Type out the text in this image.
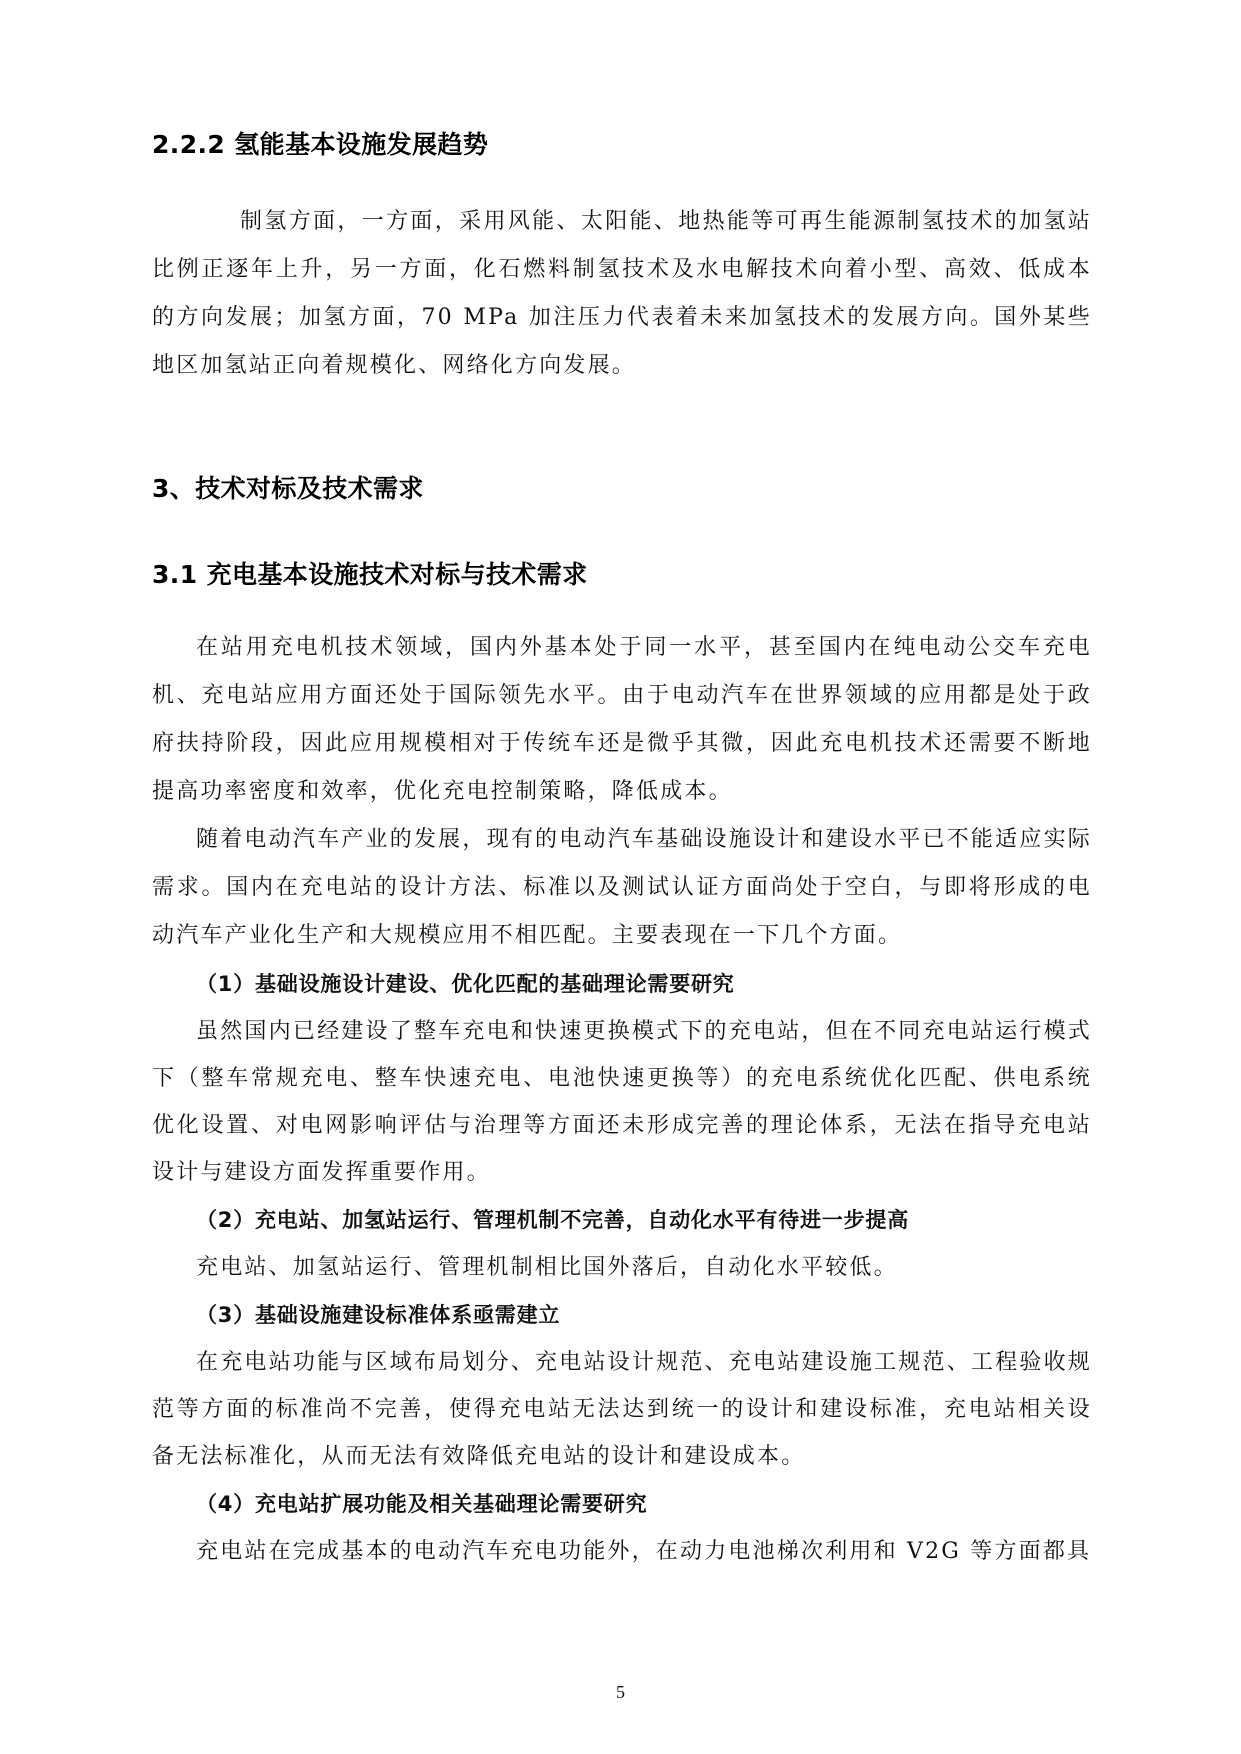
2.2.2 氢能基本设施发展趋势

制氢方面，一方面，采用风能、太阳能、地热能等可再生能源制氢技术的加氢站比例正逐年上升，另一方面，化石燃料制氢技术及水电解技术向着小型、高效、低成本的方向发展；加氢方面，70 MPa 加注压力代表着未来加氢技术的发展方向。国外某些地区加氢站正向着规模化、网络化方向发展。

3、技术对标及技术需求
3.1 充电基本设施技术对标与技术需求

在站用充电机技术领域，国内外基本处于同一水平，甚至国内在纯电动公交车充电机、充电站应用方面还处于国际领先水平。由于电动汽车在世界领域的应用都是处于政府扶持阶段，因此应用规模相对于传统车还是微乎其微，因此充电机技术还需要不断地提高功率密度和效率，优化充电控制策略，降低成本。

随着电动汽车产业的发展，现有的电动汽车基础设施设计和建设水平已不能适应实际需求。国内在充电站的设计方法、标准以及测试认证方面尚处于空白，与即将形成的电动汽车产业化生产和大规模应用不相匹配。主要表现在一下几个方面。

（1）基础设施设计建设、优化匹配的基础理论需要研究

虽然国内已经建设了整车充电和快速更换模式下的充电站，但在不同充电站运行模式下（整车常规充电、整车快速充电、电池快速更换等）的充电系统优化匹配、供电系统优化设置、对电网影响评估与治理等方面还未形成完善的理论体系，无法在指导充电站设计与建设方面发挥重要作用。

（2）充电站、加氢站运行、管理机制不完善，自动化水平有待进一步提高

充电站、加氢站运行、管理机制相比国外落后，自动化水平较低。

（3）基础设施建设标准体系亟需建立

在充电站功能与区域布局划分、充电站设计规范、充电站建设施工规范、工程验收规范等方面的标准尚不完善，使得充电站无法达到统一的设计和建设标准，充电站相关设备无法标准化，从而无法有效降低充电站的设计和建设成本。

（4）充电站扩展功能及相关基础理论需要研究

充电站在完成基本的电动汽车充电功能外，在动力电池梯次利用和 V2G 等方面都具

5
